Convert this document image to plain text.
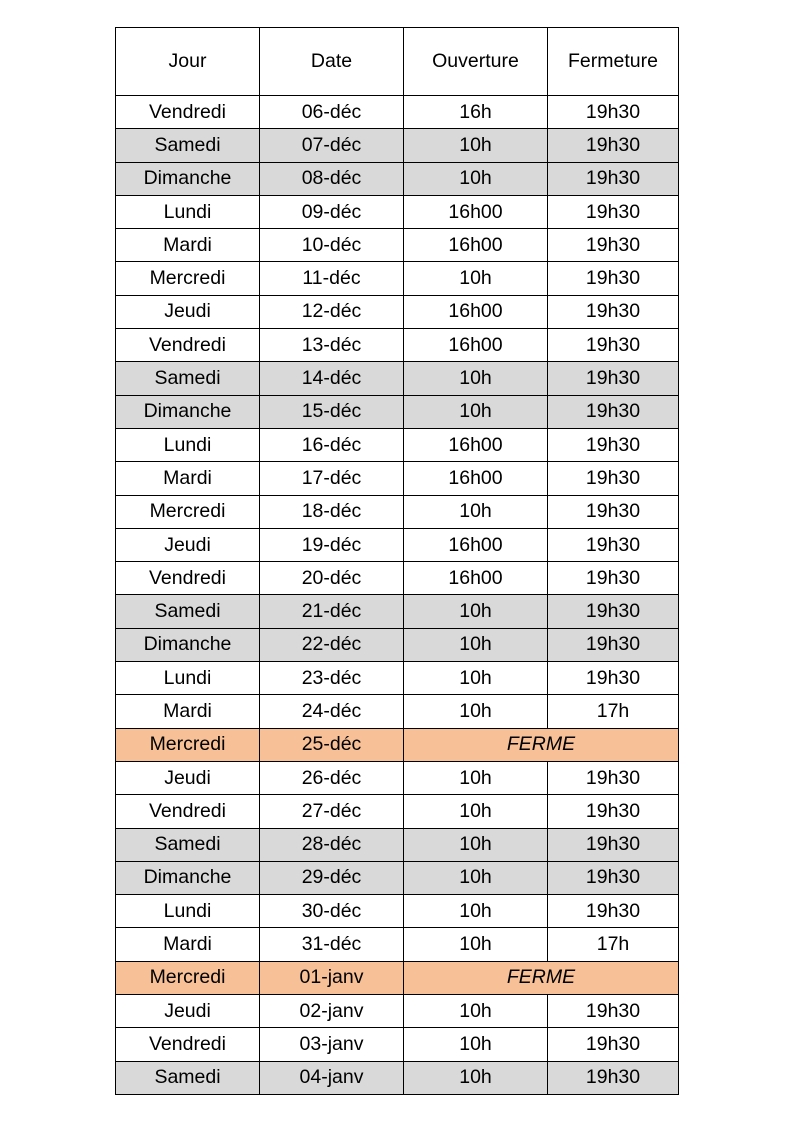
Jour	Date	Ouverture	Fermeture
Vendredi	06-déc	16h	19h30
Samedi	07-déc	10h	19h30
Dimanche	08-déc	10h	19h30
Lundi	09-déc	16h00	19h30
Mardi	10-déc	16h00	19h30
Mercredi	11-déc	10h	19h30
Jeudi	12-déc	16h00	19h30
Vendredi	13-déc	16h00	19h30
Samedi	14-déc	10h	19h30
Dimanche	15-déc	10h	19h30
Lundi	16-déc	16h00	19h30
Mardi	17-déc	16h00	19h30
Mercredi	18-déc	10h	19h30
Jeudi	19-déc	16h00	19h30
Vendredi	20-déc	16h00	19h30
Samedi	21-déc	10h	19h30
Dimanche	22-déc	10h	19h30
Lundi	23-déc	10h	19h30
Mardi	24-déc	10h	17h
Mercredi	25-déc	FERME	
Jeudi	26-déc	10h	19h30
Vendredi	27-déc	10h	19h30
Samedi	28-déc	10h	19h30
Dimanche	29-déc	10h	19h30
Lundi	30-déc	10h	19h30
Mardi	31-déc	10h	17h
Mercredi	01-janv	FERME	
Jeudi	02-janv	10h	19h30
Vendredi	03-janv	10h	19h30
Samedi	04-janv	10h	19h30
